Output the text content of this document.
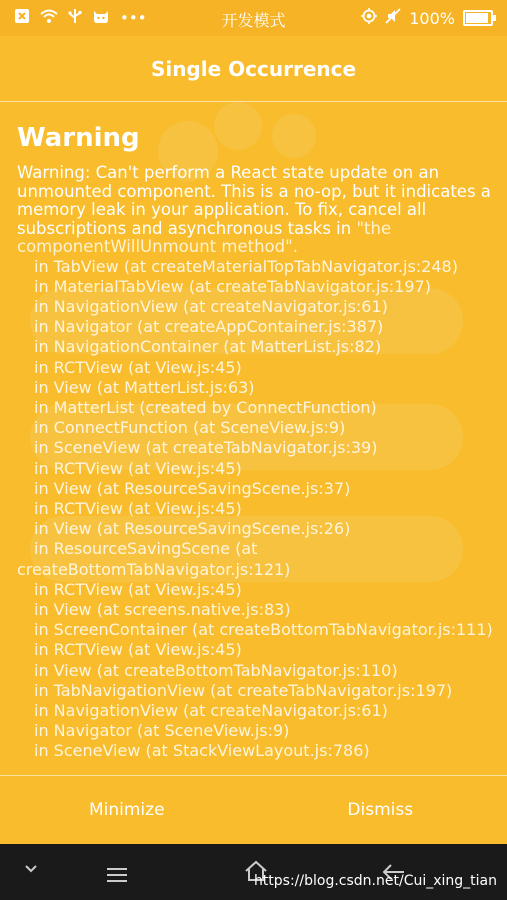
•••	开发模式	100%
Single Occurrence
Warning

Warning: Can't perform a React state update on an unmounted component. This is a no-op, but it indicates a memory leak in your application. To fix, cancel all subscriptions and asynchronous tasks in "the componentWillUnmount method".

in TabView (at createMaterialTopTabNavigator.js:248)
in MaterialTabView (at createTabNavigator.js:197)
in NavigationView (at createNavigator.js:61)
in Navigator (at createAppContainer.js:387)
in NavigationContainer (at MatterList.js:82)
in RCTView (at View.js:45)
in View (at MatterList.js:63)
in MatterList (created by ConnectFunction)
in ConnectFunction (at SceneView.js:9)
in SceneView (at createTabNavigator.js:39)
in RCTView (at View.js:45)
in View (at ResourceSavingScene.js:37)
in RCTView (at View.js:45)
in View (at ResourceSavingScene.js:26)
in ResourceSavingScene (at createBottomTabNavigator.js:121)
in RCTView (at View.js:45)
in View (at screens.native.js:83)
in ScreenContainer (at createBottomTabNavigator.js:111)
in RCTView (at View.js:45)
in View (at createBottomTabNavigator.js:110)
in TabNavigationView (at createTabNavigator.js:197)
in NavigationView (at createNavigator.js:61)
in Navigator (at SceneView.js:9)
in SceneView (at StackViewLayout.js:786)
Minimize	Dismiss
https://blog.csdn.net/Cui_xing_tian
